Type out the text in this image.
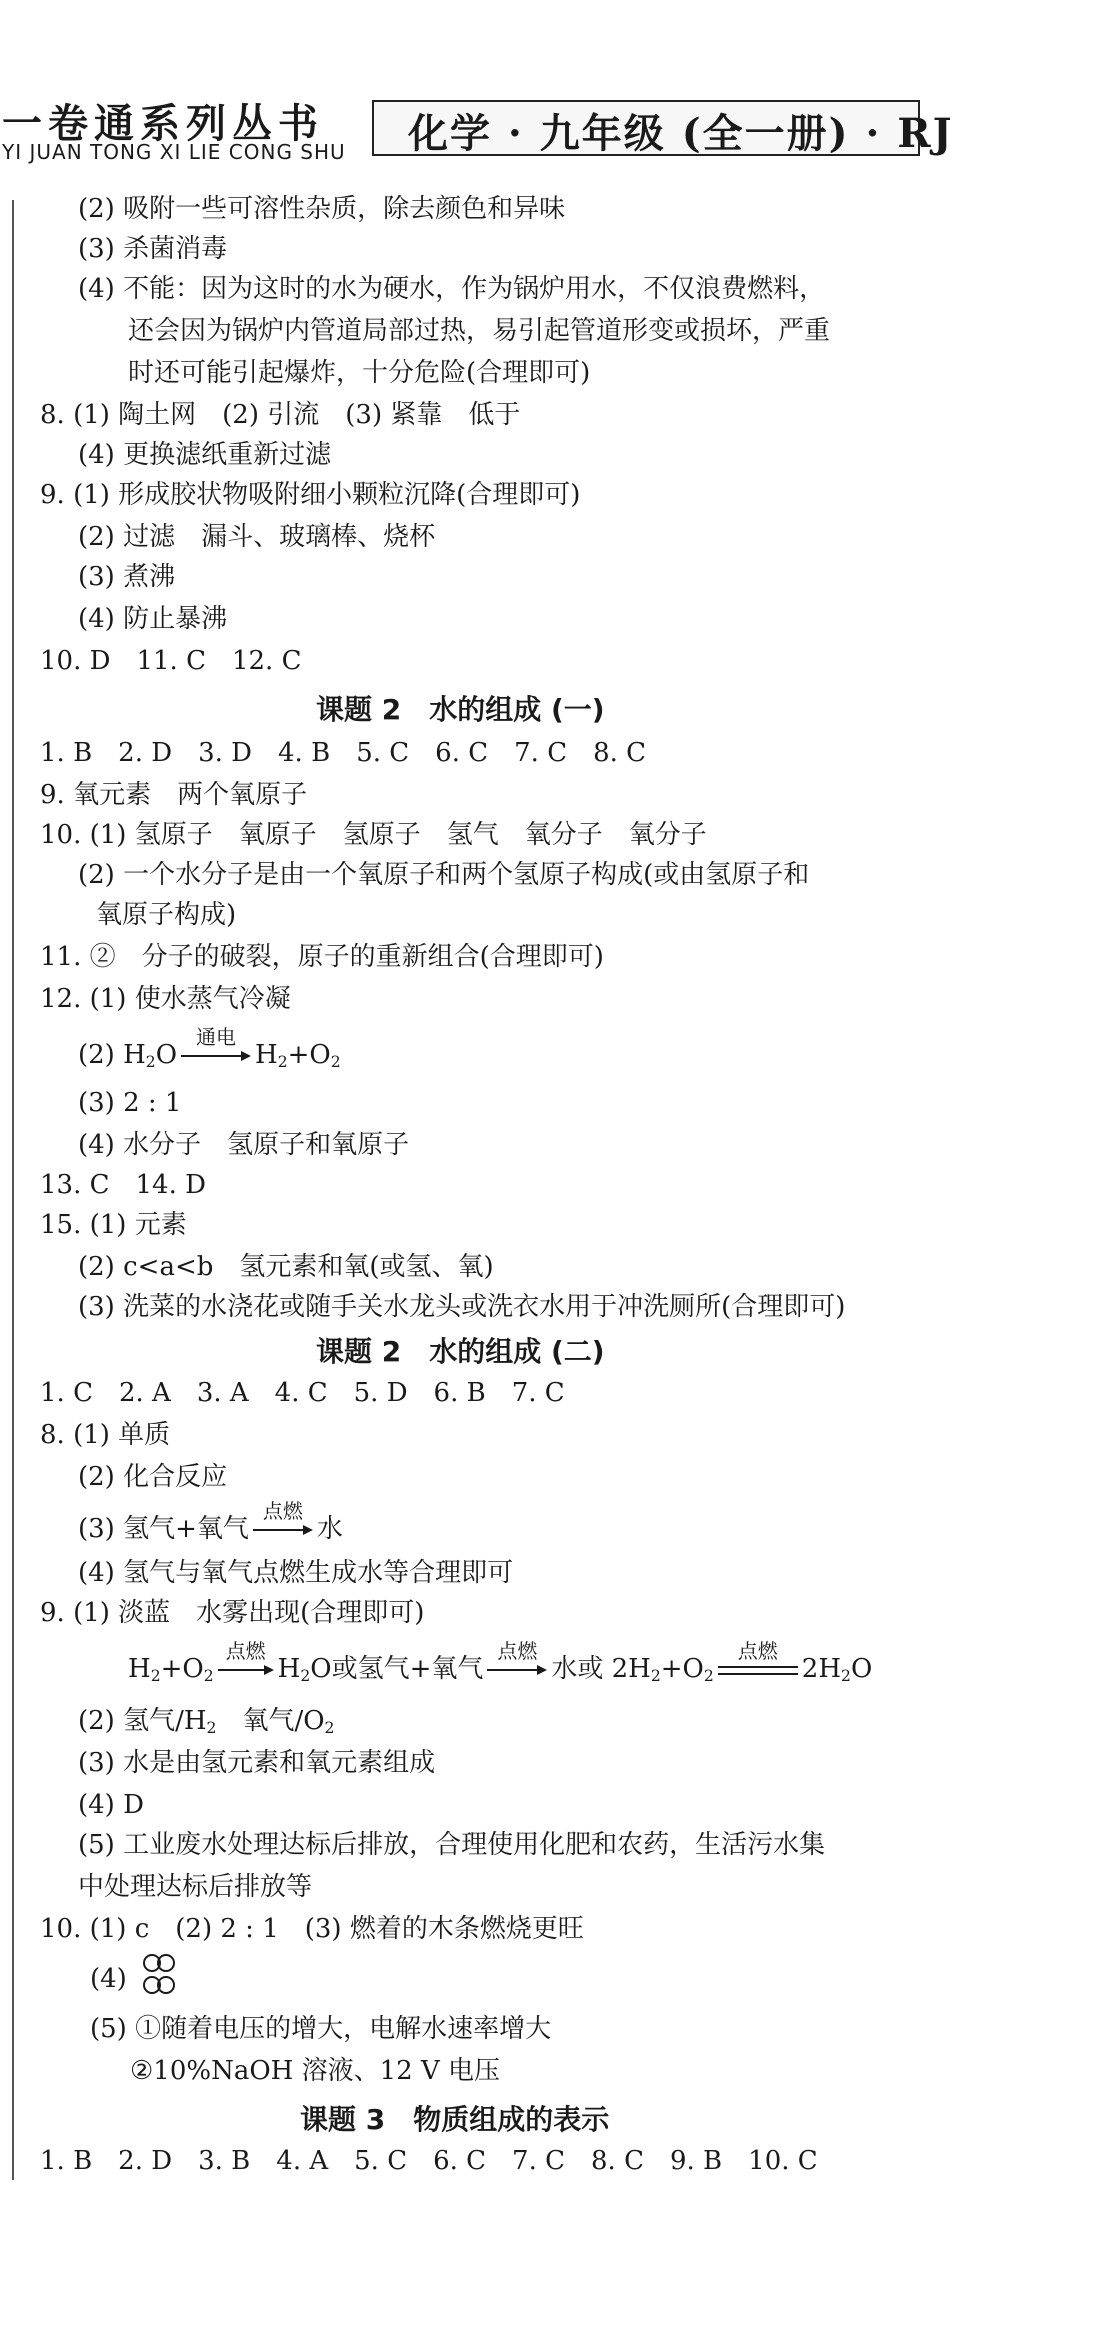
一卷通系列丛书
YI JUAN TONG XI LIE CONG SHU 化学 · 九年级 (全一册) · RJ
(2) 吸附一些可溶性杂质，除去颜色和异味
(3) 杀菌消毒
(4) 不能：因为这时的水为硬水，作为锅炉用水，不仅浪费燃料，
还会因为锅炉内管道局部过热，易引起管道形变或损坏，严重
时还可能引起爆炸，十分危险(合理即可)
8. (1) 陶土网　(2) 引流　(3) 紧靠　低于
(4) 更换滤纸重新过滤
9. (1) 形成胶状物吸附细小颗粒沉降(合理即可)
(2) 过滤　漏斗、玻璃棒、烧杯
(3) 煮沸
(4) 防止暴沸
10. D　11. C　12. C
课题 2　水的组成 (一)
1. B　2. D　3. D　4. B　5. C　6. C　7. C　8. C
9. 氧元素　两个氧原子
10. (1) 氢原子　氧原子　氢原子　氢气　氧分子　氧分子
(2) 一个水分子是由一个氧原子和两个氢原子构成(或由氢原子和
氧原子构成)
11. ②　分子的破裂，原子的重新组合(合理即可)
12. (1) 使水蒸气冷凝
(2) $H_2O$
通电
$H_2+O_2$
(3) 2 : 1
(4) 水分子　氢原子和氧原子
13. C　14. D
15. (1) 元素
(2) c<a<b　氢元素和氧(或氢、氧)
(3) 洗菜的水浇花或随手关水龙头或洗衣水用于冲洗厕所(合理即可)
课题 2　水的组成 (二)
1. C　2. A　3. A　4. C　5. D　6. B　7. C
8. (1) 单质
(2) 化合反应
(3) 氢气+氧气
点燃
水
(4) 氢气与氧气点燃生成水等合理即可
9. (1) 淡蓝　水雾出现(合理即可)
$H_2+O_2$
点燃
$H_2O$或氢气+氧气
点燃
水或 $2H_2+O_2$
点燃
$2H_2O$
(2) 氢气$/H_2$　 氧气$/O_2$
(3) 水是由氢元素和氧元素组成
(4) D
(5) 工业废水处理达标后排放，合理使用化肥和农药，生活污水集
中处理达标后排放等
10. (1) c　(2) 2 : 1　(3) 燃着的木条燃烧更旺
(4)
(5) ①随着电压的增大，电解水速率增大
②10%NaOH 溶液、12 V 电压
课题 3　物质组成的表示
1. B　2. D　3. B　4. A　5. C　6. C　7. C　8. C　9. B　10. C
